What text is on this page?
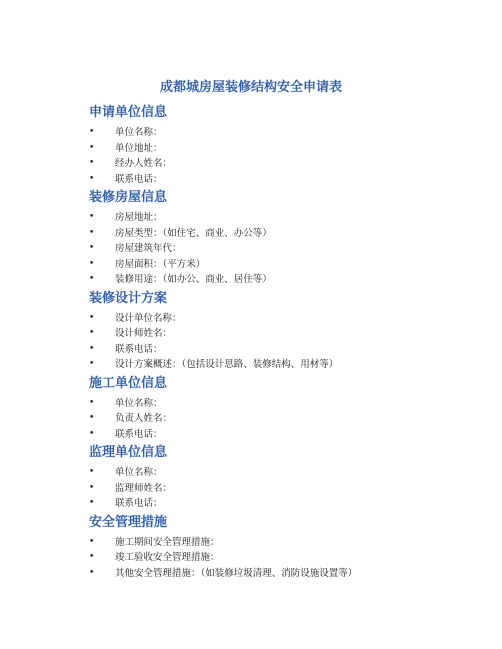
成都城房屋装修结构安全申请表
申请单位信息
•	单位名称：
•	单位地址：
•	经办人姓名：
•	联系电话：
装修房屋信息
•	房屋地址：
•	房屋类型：（如住宅、商业、办公等）
•	房屋建筑年代：
•	房屋面积：（平方米）
•	装修用途：（如办公、商业、居住等）
装修设计方案
•	设计单位名称：
•	设计师姓名：
•	联系电话：
•	设计方案概述：（包括设计思路、装修结构、用材等）
施工单位信息
•	单位名称：
•	负责人姓名：
•	联系电话：
监理单位信息
•	单位名称：
•	监理师姓名：
•	联系电话：
安全管理措施
•	施工期间安全管理措施：
•	竣工验收安全管理措施：
•	其他安全管理措施：（如装修垃圾清理、消防设施设置等）
